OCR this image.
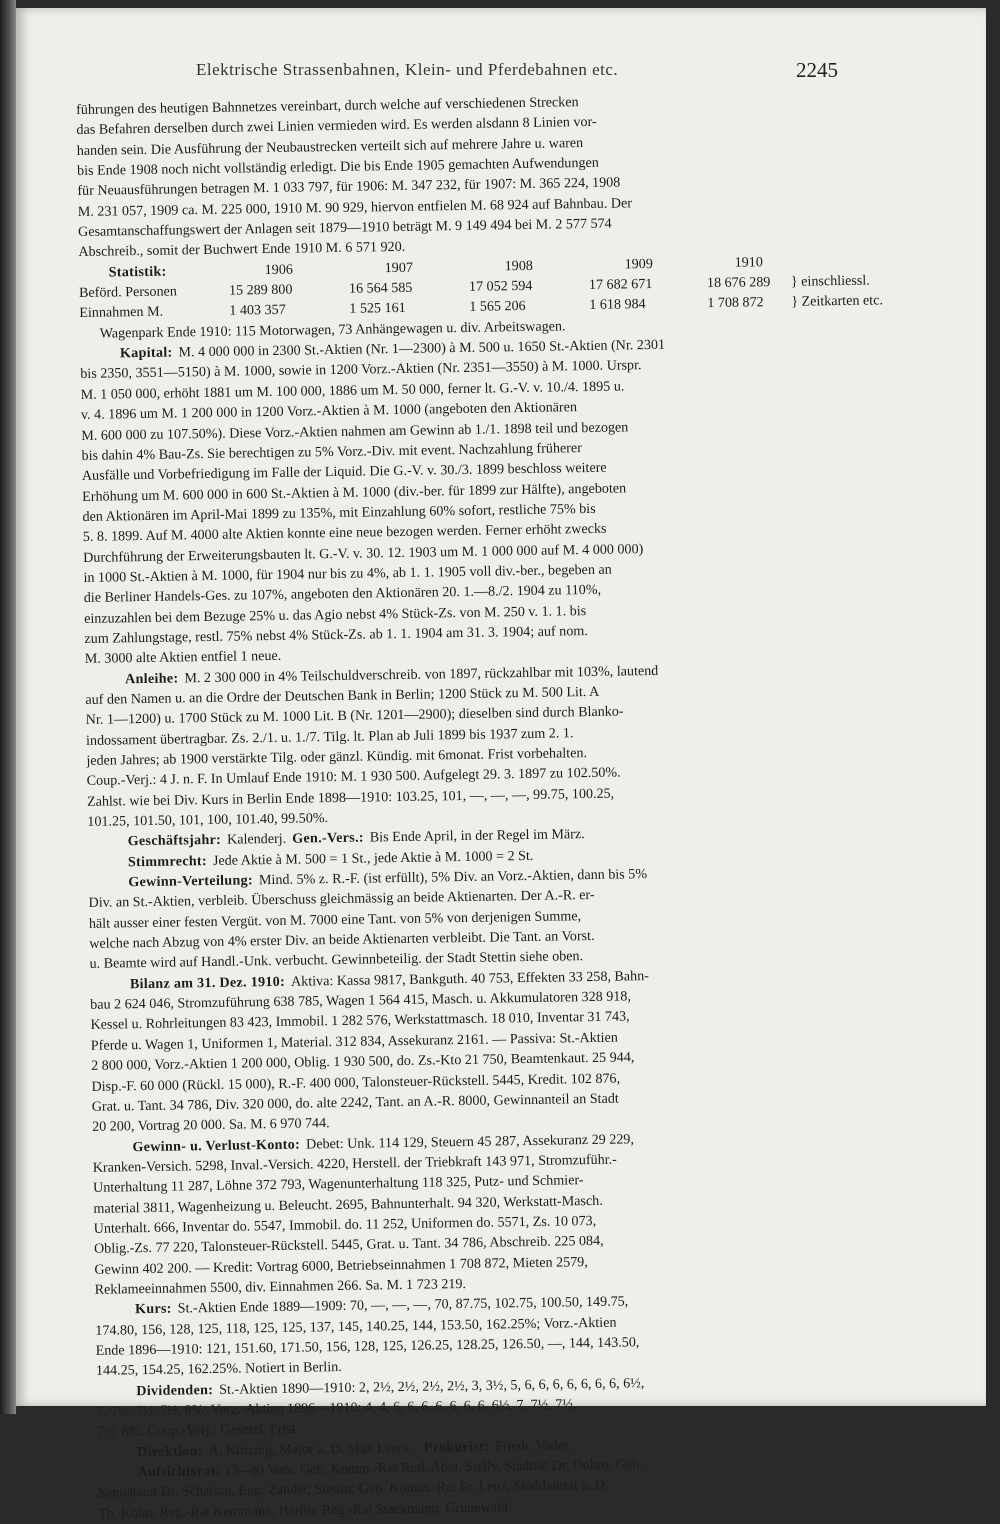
Elektrische Strassenbahnen, Klein- und Pferdebahnen etc.	2245
führungen des heutigen Bahnnetzes vereinbart, durch welche auf verschiedenen Strecken
das Befahren derselben durch zwei Linien vermieden wird. Es werden alsdann 8 Linien vor-
handen sein. Die Ausführung der Neubaustrecken verteilt sich auf mehrere Jahre u. waren
bis Ende 1908 noch nicht vollständig erledigt. Die bis Ende 1905 gemachten Aufwendungen
für Neuausführungen betragen M. 1 033 797, für 1906: M. 347 232, für 1907: M. 365 224, 1908
M. 231 057, 1909 ca. M. 225 000, 1910 M. 90 929, hiervon entfielen M. 68 924 auf Bahnbau. Der
Gesamtanschaffungswert der Anlagen seit 1879—1910 beträgt M. 9 149 494 bei M. 2 577 574
Abschreib., somit der Buchwert Ende 1910 M. 6 571 920.
Statistik:	1906	1907	1908	1909	1910
Beförd. Personen	15 289 800	16 564 585	17 052 594	17 682 671	18 676 289 } einschliessl.
Einnahmen M.	1 403 357	1 525 161	1 565 206	1 618 984	1 708 872 } Zeitkarten etc.
Wagenpark Ende 1910: 115 Motorwagen, 73 Anhängewagen u. div. Arbeitswagen.
Kapital: M. 4 000 000 in 2300 St.-Aktien (Nr. 1—2300) à M. 500 u. 1650 St.-Aktien (Nr. 2301
bis 2350, 3551—5150) à M. 1000, sowie in 1200 Vorz.-Aktien (Nr. 2351—3550) à M. 1000. Urspr.
M. 1 050 000, erhöht 1881 um M. 100 000, 1886 um M. 50 000, ferner lt. G.-V. v. 10./4. 1895 u.
v. 4. 1896 um M. 1 200 000 in 1200 Vorz.-Aktien à M. 1000 (angeboten den Aktionären
M. 600 000 zu 107.50%). Diese Vorz.-Aktien nahmen am Gewinn ab 1./1. 1898 teil und bezogen
bis dahin 4% Bau-Zs. Sie berechtigen zu 5% Vorz.-Div. mit event. Nachzahlung früherer
Ausfälle und Vorbefriedigung im Falle der Liquid. Die G.-V. v. 30./3. 1899 beschloss weitere
Erhöhung um M. 600 000 in 600 St.-Aktien à M. 1000 (div.-ber. für 1899 zur Hälfte), angeboten
den Aktionären im April-Mai 1899 zu 135%, mit Einzahlung 60% sofort, restliche 75% bis
5. 8. 1899. Auf M. 4000 alte Aktien konnte eine neue bezogen werden. Ferner erhöht zwecks
Durchführung der Erweiterungsbauten lt. G.-V. v. 30. 12. 1903 um M. 1 000 000 auf M. 4 000 000)
in 1000 St.-Aktien à M. 1000, für 1904 nur bis zu 4%, ab 1. 1. 1905 voll div.-ber., begeben an
die Berliner Handels-Ges. zu 107%, angeboten den Aktionären 20. 1.—8./2. 1904 zu 110%,
einzuzahlen bei dem Bezuge 25% u. das Agio nebst 4% Stück-Zs. von M. 250 v. 1. 1. bis
zum Zahlungstage, restl. 75% nebst 4% Stück-Zs. ab 1. 1. 1904 am 31. 3. 1904; auf nom.
M. 3000 alte Aktien entfiel 1 neue.
Anleihe: M. 2 300 000 in 4% Teilschuldverschreib. von 1897, rückzahlbar mit 103%, lautend
auf den Namen u. an die Ordre der Deutschen Bank in Berlin; 1200 Stück zu M. 500 Lit. A
Nr. 1—1200) u. 1700 Stück zu M. 1000 Lit. B (Nr. 1201—2900); dieselben sind durch Blanko-
indossament übertragbar. Zs. 2./1. u. 1./7. Tilg. lt. Plan ab Juli 1899 bis 1937 zum 2. 1.
jeden Jahres; ab 1900 verstärkte Tilg. oder gänzl. Kündig. mit 6monat. Frist vorbehalten.
Coup.-Verj.: 4 J. n. F. In Umlauf Ende 1910: M. 1 930 500. Aufgelegt 29. 3. 1897 zu 102.50%.
Zahlst. wie bei Div. Kurs in Berlin Ende 1898—1910: 103.25, 101, —, —, —, 99.75, 100.25,
101.25, 101.50, 101, 100, 101.40, 99.50%.
Geschäftsjahr: Kalenderj. Gen.-Vers.: Bis Ende April, in der Regel im März.
Stimmrecht: Jede Aktie à M. 500 = 1 St., jede Aktie à M. 1000 = 2 St.
Gewinn-Verteilung: Mind. 5% z. R.-F. (ist erfüllt), 5% Div. an Vorz.-Aktien, dann bis 5%
Div. an St.-Aktien, verbleib. Überschuss gleichmässig an beide Aktienarten. Der A.-R. er-
hält ausser einer festen Vergüt. von M. 7000 eine Tant. von 5% von derjenigen Summe,
welche nach Abzug von 4% erster Div. an beide Aktienarten verbleibt. Die Tant. an Vorst.
u. Beamte wird auf Handl.-Unk. verbucht. Gewinnbeteilig. der Stadt Stettin siehe oben.
Bilanz am 31. Dez. 1910: Aktiva: Kassa 9817, Bankguth. 40 753, Effekten 33 258, Bahn-
bau 2 624 046, Stromzuführung 638 785, Wagen 1 564 415, Masch. u. Akkumulatoren 328 918,
Kessel u. Rohrleitungen 83 423, Immobil. 1 282 576, Werkstattmasch. 18 010, Inventar 31 743,
Pferde u. Wagen 1, Uniformen 1, Material. 312 834, Assekuranz 2161. — Passiva: St.-Aktien
2 800 000, Vorz.-Aktien 1 200 000, Oblig. 1 930 500, do. Zs.-Kto 21 750, Beamtenkaut. 25 944,
Disp.-F. 60 000 (Rückl. 15 000), R.-F. 400 000, Talonsteuer-Rückstell. 5445, Kredit. 102 876,
Grat. u. Tant. 34 786, Div. 320 000, do. alte 2242, Tant. an A.-R. 8000, Gewinnanteil an Stadt
20 200, Vortrag 20 000. Sa. M. 6 970 744.
Gewinn- u. Verlust-Konto: Debet: Unk. 114 129, Steuern 45 287, Assekuranz 29 229,
Kranken-Versich. 5298, Inval.-Versich. 4220, Herstell. der Triebkraft 143 971, Stromzuführ.-
Unterhaltung 11 287, Löhne 372 793, Wagenunterhaltung 118 325, Putz- und Schmier-
material 3811, Wagenheizung u. Beleucht. 2695, Bahnunterhalt. 94 320, Werkstatt-Masch.
Unterhalt. 666, Inventar do. 5547, Immobil. do. 11 252, Uniformen do. 5571, Zs. 10 073,
Oblig.-Zs. 77 220, Talonsteuer-Rückstell. 5445, Grat. u. Tant. 34 786, Abschreib. 225 084,
Gewinn 402 200. — Kredit: Vortrag 6000, Betriebseinnahmen 1 708 872, Mieten 2579,
Reklameeinnahmen 5500, div. Einnahmen 266. Sa. M. 1 723 219.
Kurs: St.-Aktien Ende 1889—1909: 70, —, —, —, 70, 87.75, 102.75, 100.50, 149.75,
174.80, 156, 128, 125, 118, 125, 125, 137, 145, 140.25, 144, 153.50, 162.25%; Vorz.-Aktien
Ende 1896—1910: 121, 151.60, 171.50, 156, 128, 125, 126.25, 128.25, 126.50, —, 144, 143.50,
144.25, 154.25, 162.25%. Notiert in Berlin.
Dividenden: St.-Aktien 1890—1910: 2, 2½, 2½, 2½, 2½, 3, 3½, 5, 6, 6, 6, 6, 6, 6, 6, 6½,
7, 7½, 7½, 7½, 8%; Vorz.-Aktien 1896—1910: 4, 4, 6, 6, 6, 6, 6, 6, 6, 6½, 7, 7½, 7½,
7½, 8%. Coup.-Verj.: Gesetzl. Frist.
Direktion: A. Klitzing, Major a. D. Max Leers. Prokurist: Friedr. Vader.
Aufsichtsrat: (3—8) Vors. Geh. Komm.-Rat Rud. Abel, Stellv. Stadtrat Dr. Dohrn, Geh.
Sanitätsrat Dr. Scharlau, Eug. Zander, Stettin; Geh. Komm.-Rat Fr. Lenz, Stadtbaurat a. D.
Th. Köhn, Reg.-Rat Kemmann, Berlin; Reg.-Rat Stackmann, Grunewald.
